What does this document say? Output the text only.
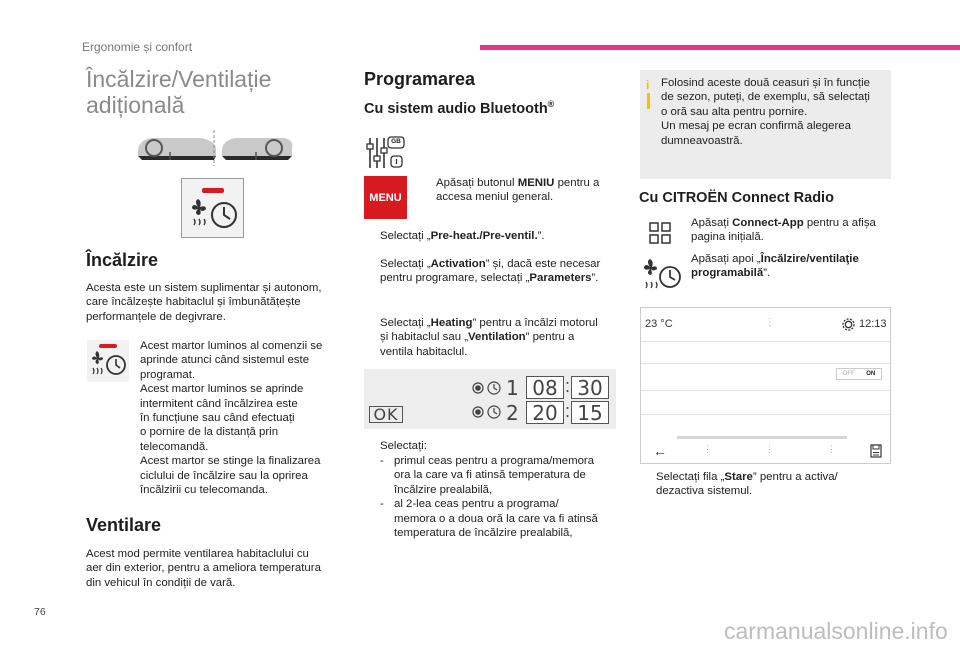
Ergonomie și confort
Încălzire/Ventilație
adițională
Încălzire
Acesta este un sistem suplimentar și autonom,
care încălzește habitaclul și îmbunătățește
performanțele de degivrare.
Acest martor luminos al comenzii se
aprinde atunci când sistemul este
programat.
Acest martor luminos se aprinde
intermitent când încălzirea este
în funcțiune sau când efectuați
o pornire de la distanță prin
telecomandă.
Acest martor se stinge la finalizarea
ciclului de încălzire sau la oprirea
încălzirii cu telecomanda.
Ventilare
Acest mod permite ventilarea habitaclului cu
aer din exterior, pentru a ameliora temperatura
din vehicul în condiții de vară.
76
Programarea
Cu sistem audio Bluetooth®
GB
MENU
Apăsați butonul MENIU pentru a
accesa meniul general.
Selectați „Pre-heat./Pre-ventil.”.
Selectați „Activation” și, dacă este necesar
pentru programare, selectați „Parameters”.
Selectați „Heating” pentru a încălzi motorul
și habitaclul sau „Ventilation” pentru a
ventila habitaclul.
1 08 : 30
OK	2 20 : 15
Selectați:
- primul ceas pentru a programa/memora
ora la care va fi atinsă temperatura de
încălzire prealabilă,
- al 2-lea ceas pentru a programa/
memora o a doua oră la care va fi atinsă
temperatura de încălzire prealabilă,
i	Folosind aceste două ceasuri și în funcție
de sezon, puteți, de exemplu, să selectați
o oră sau alta pentru pornire.
Un mesaj pe ecran confirmă alegerea
dumneavoastră.
Cu CITROËN Connect Radio
Apăsați Connect-App pentru a afișa
pagina inițială.
Apăsați apoi „Încălzire/ventilaţie
programabilă”.
23 °C	⋮	12:13
OFF ON
←	⋮	⋮	⋮
Selectați fila „Stare” pentru a activa/
dezactiva sistemul.
carmanualsonline.info
